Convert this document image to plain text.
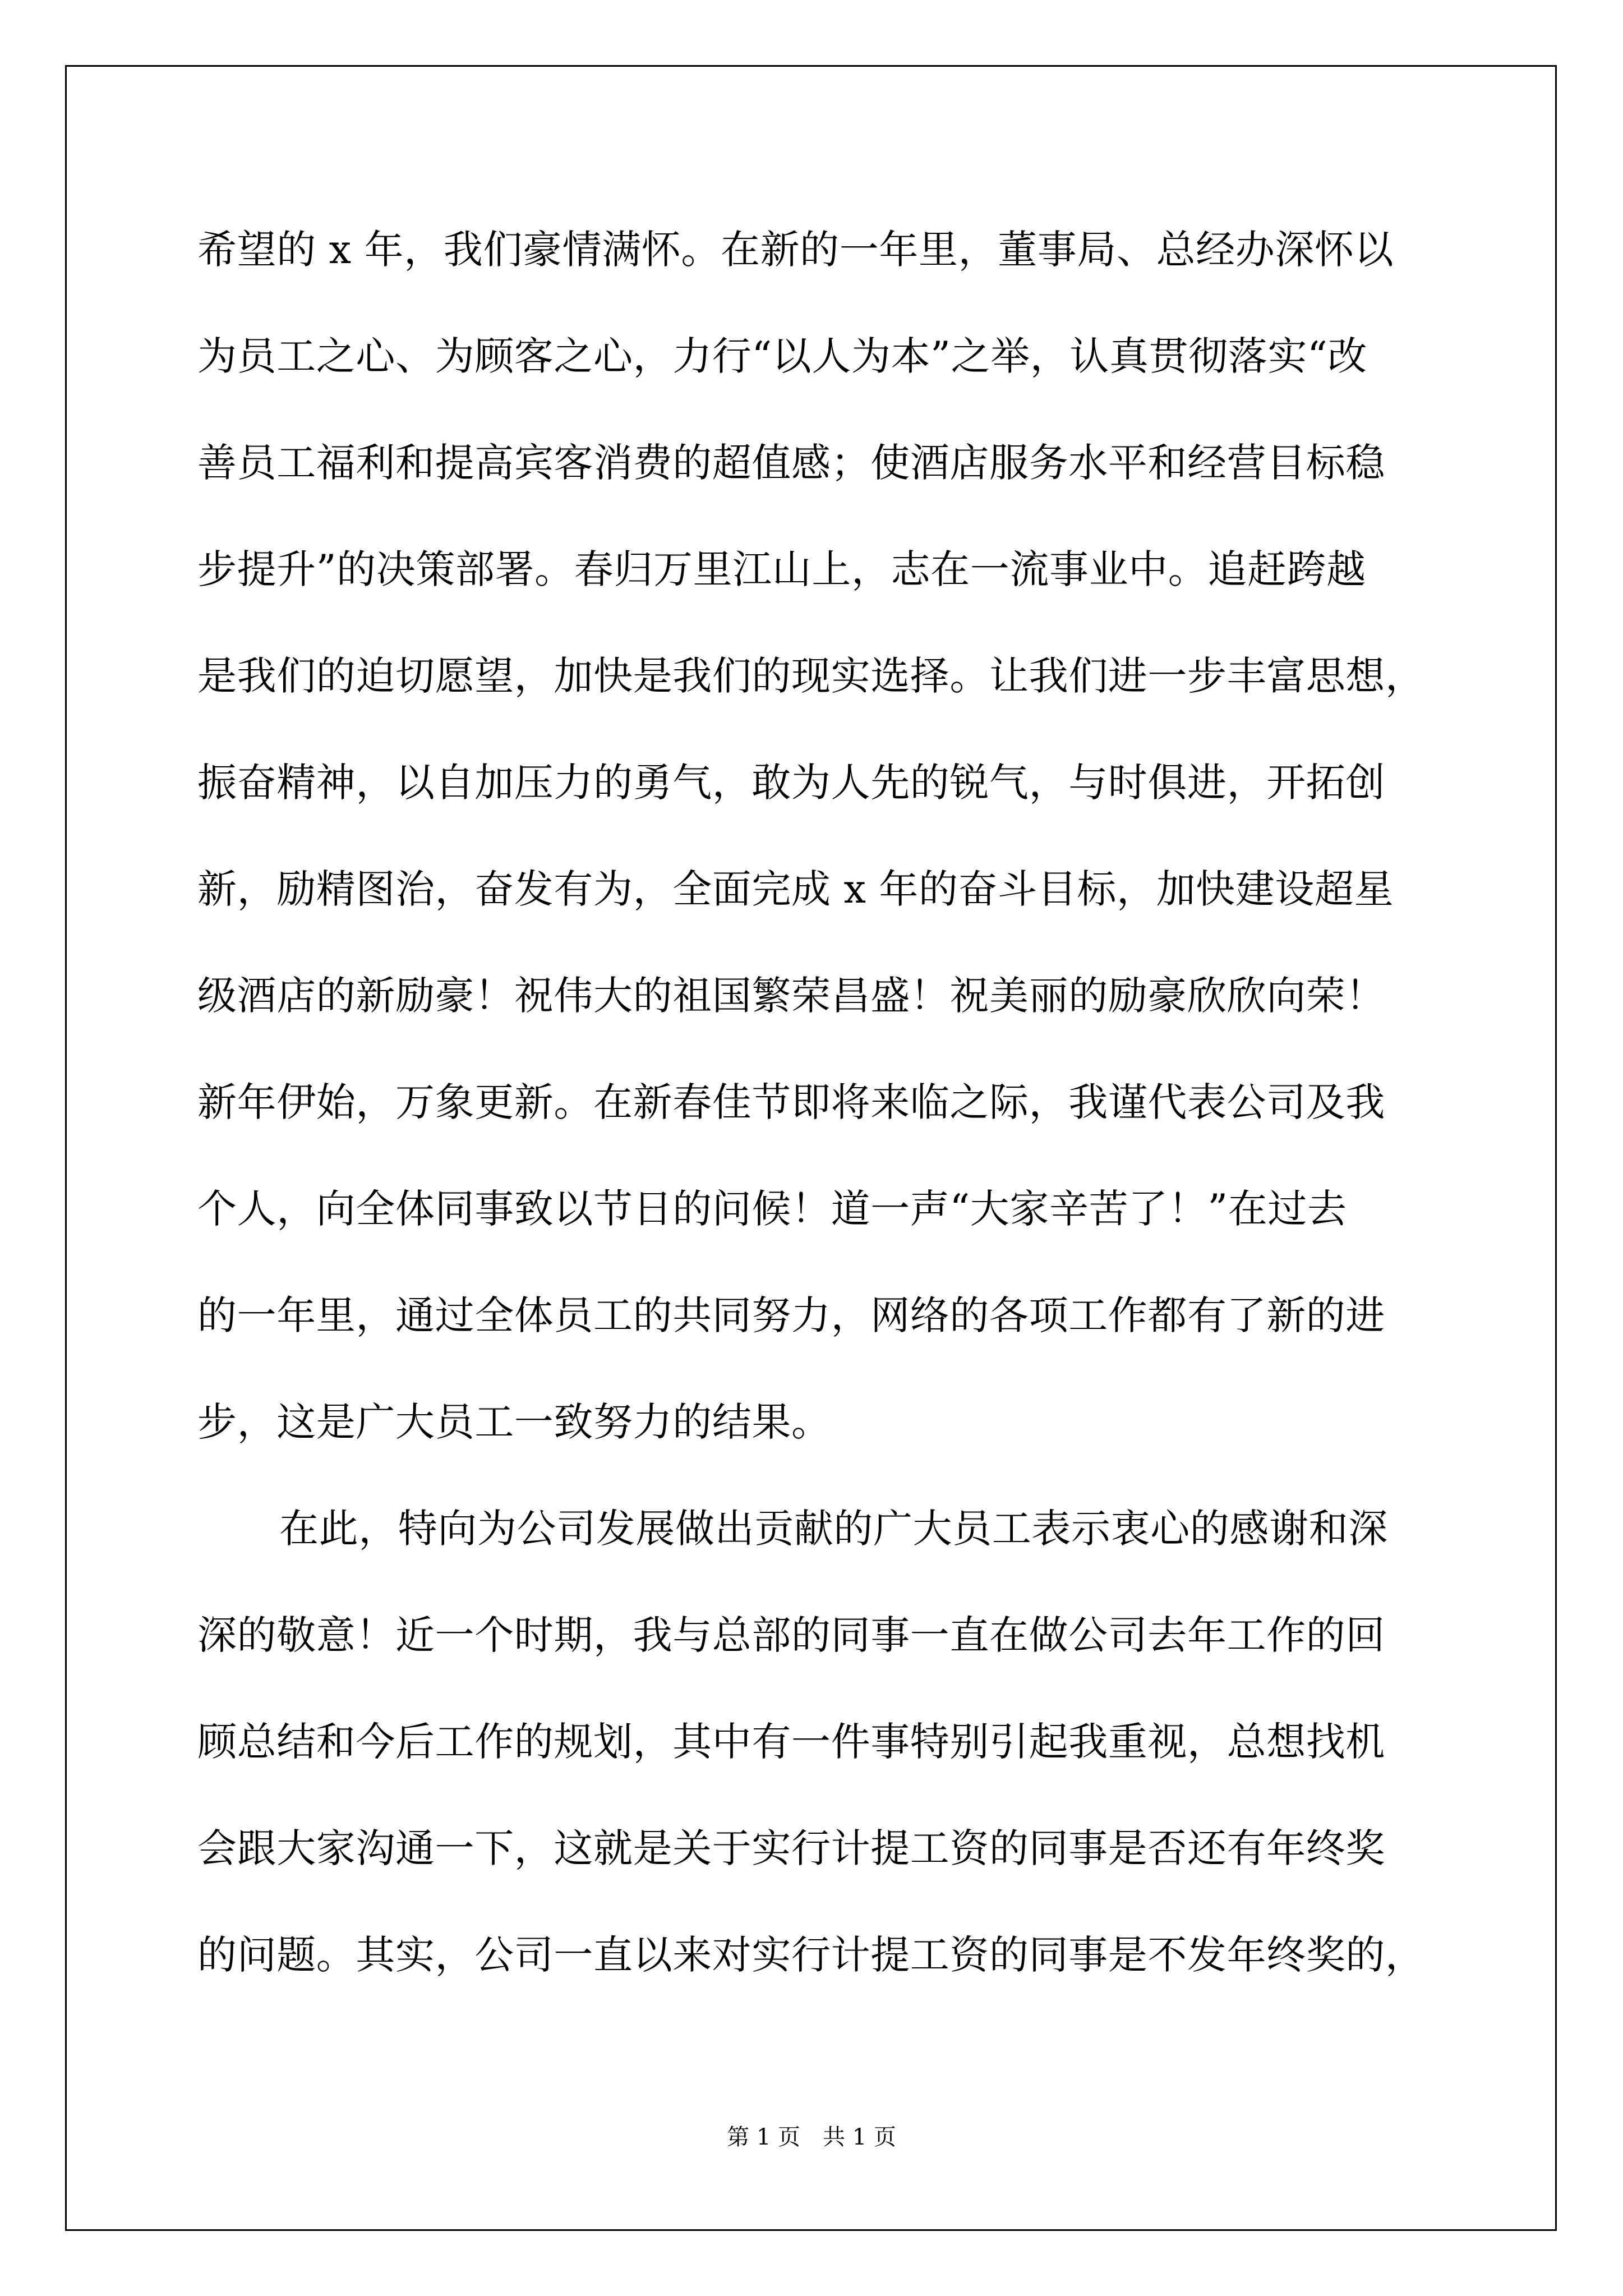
希望的 x 年，我们豪情满怀。在新的一年里，董事局、总经办深怀以
为员工之心、为顾客之心，力行“以人为本”之举，认真贯彻落实“改
善员工福利和提高宾客消费的超值感；使酒店服务水平和经营目标稳
步提升”的决策部署。春归万里江山上，志在一流事业中。追赶跨越
是我们的迫切愿望，加快是我们的现实选择。让我们进一步丰富思想，
振奋精神，以自加压力的勇气，敢为人先的锐气，与时俱进，开拓创
新，励精图治，奋发有为，全面完成 x 年的奋斗目标，加快建设超星
级酒店的新励豪！祝伟大的祖国繁荣昌盛！祝美丽的励豪欣欣向荣！
新年伊始，万象更新。在新春佳节即将来临之际，我谨代表公司及我
个人，向全体同事致以节日的问候！道一声“大家辛苦了！”在过去
的一年里，通过全体员工的共同努力，网络的各项工作都有了新的进
步，这是广大员工一致努力的结果。
在此，特向为公司发展做出贡献的广大员工表示衷心的感谢和深
深的敬意！近一个时期，我与总部的同事一直在做公司去年工作的回
顾总结和今后工作的规划，其中有一件事特别引起我重视，总想找机
会跟大家沟通一下，这就是关于实行计提工资的同事是否还有年终奖
的问题。其实，公司一直以来对实行计提工资的同事是不发年终奖的，
第 1 页　共 1 页
